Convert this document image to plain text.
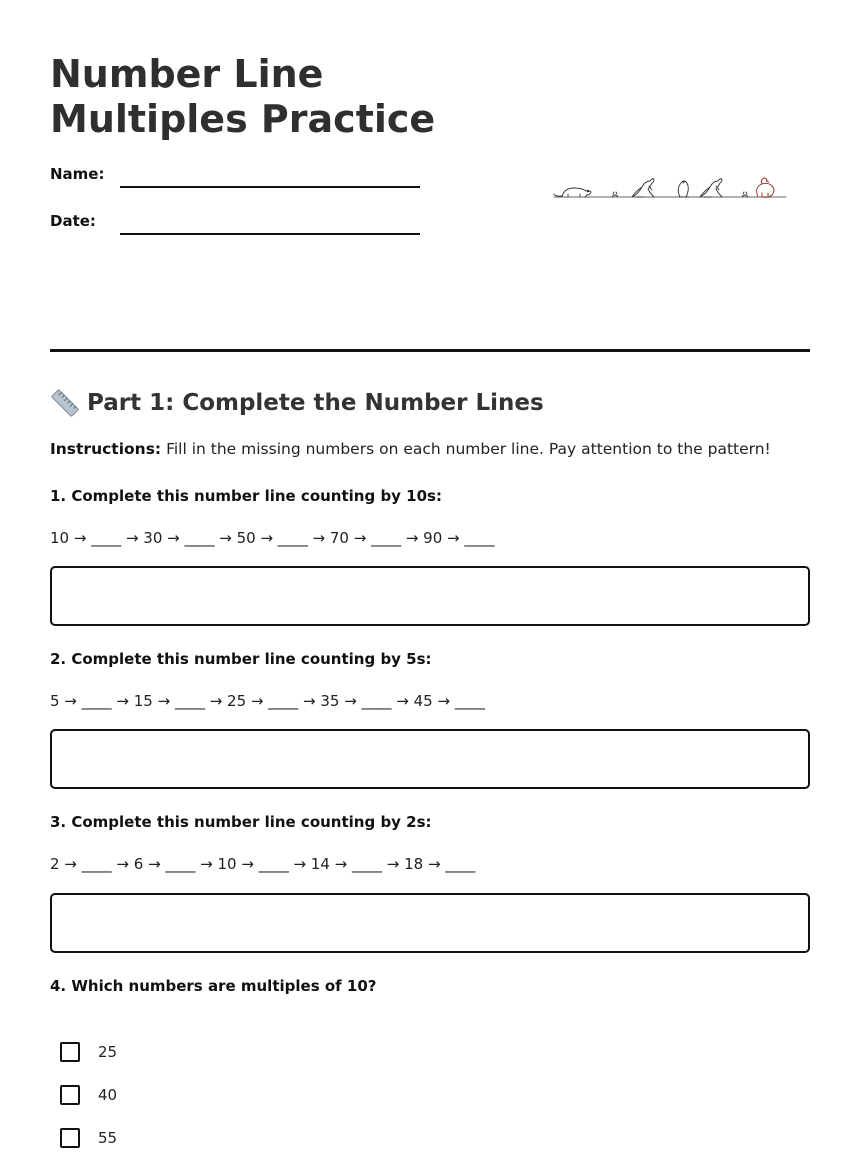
Number Line Multiples Practice
Name:
Date:
Part 1: Complete the Number Lines

Instructions: Fill in the missing numbers on each number line. Pay attention to the pattern!

1. Complete this number line counting by 10s:

10 → ____ → 30 → ____ → 50 → ____ → 70 → ____ → 90 → ____

2. Complete this number line counting by 5s:

5 → ____ → 15 → ____ → 25 → ____ → 35 → ____ → 45 → ____

3. Complete this number line counting by 2s:

2 → ____ → 6 → ____ → 10 → ____ → 14 → ____ → 18 → ____

4. Which numbers are multiples of 10?

25
40
55
